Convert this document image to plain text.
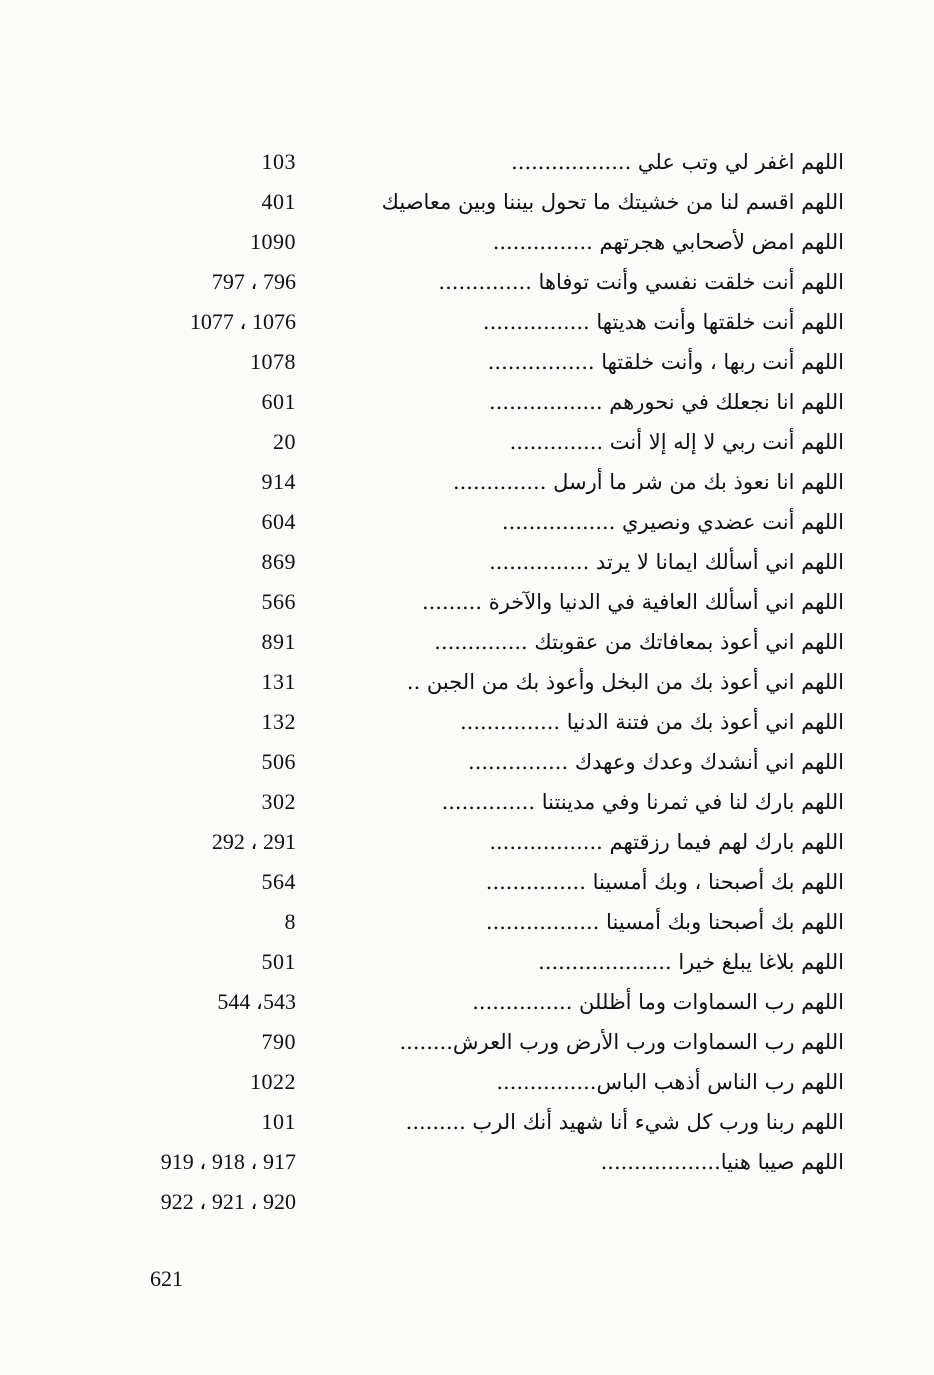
اللهم اغفر لي وتب علي ..................
103
اللهم اقسم لنا من خشيتك ما تحول بيننا وبين معاصيك
401
اللهم امض لأصحابي هجرتهم ...............
1090
اللهم أنت خلقت نفسي وأنت توفاها ..............
797 ، 796
اللهم أنت خلقتها وأنت هديتها ................
1077 ، 1076
اللهم أنت ربها ، وأنت خلقتها ................
1078
اللهم انا نجعلك في نحورهم .................
601
اللهم أنت ربي لا إله إلا أنت ..............
20
اللهم انا نعوذ بك من شر ما أرسل ..............
914
اللهم أنت عضدي ونصيري .................
604
اللهم اني أسألك ايمانا لا يرتد ...............
869
اللهم اني أسألك العافية في الدنيا والآخرة .........
566
اللهم اني أعوذ بمعافاتك من عقوبتك ..............
891
اللهم اني أعوذ بك من البخل وأعوذ بك من الجبن ..
131
اللهم اني أعوذ بك من فتنة الدنيا ...............
132
اللهم اني أنشدك وعدك وعهدك ...............
506
اللهم بارك لنا في ثمرنا وفي مدينتنا ..............
302
اللهم بارك لهم فيما رزقتهم .................
292 ، 291
اللهم بك أصبحنا ، وبك أمسينا ...............
564
اللهم بك أصبحنا وبك أمسينا .................
8
اللهم بلاغا يبلغ خيرا ....................
501
اللهم رب السماوات وما أظللن ...............
544 ،543
اللهم رب السماوات ورب الأرض ورب العرش........
790
اللهم رب الناس أذهب الباس...............
1022
اللهم ربنا ورب كل شيء أنا شهيد أنك الرب .........
101
اللهم صيبا هنيا..................
919 ، 918 ، 917
922 ، 921 ، 920
621
